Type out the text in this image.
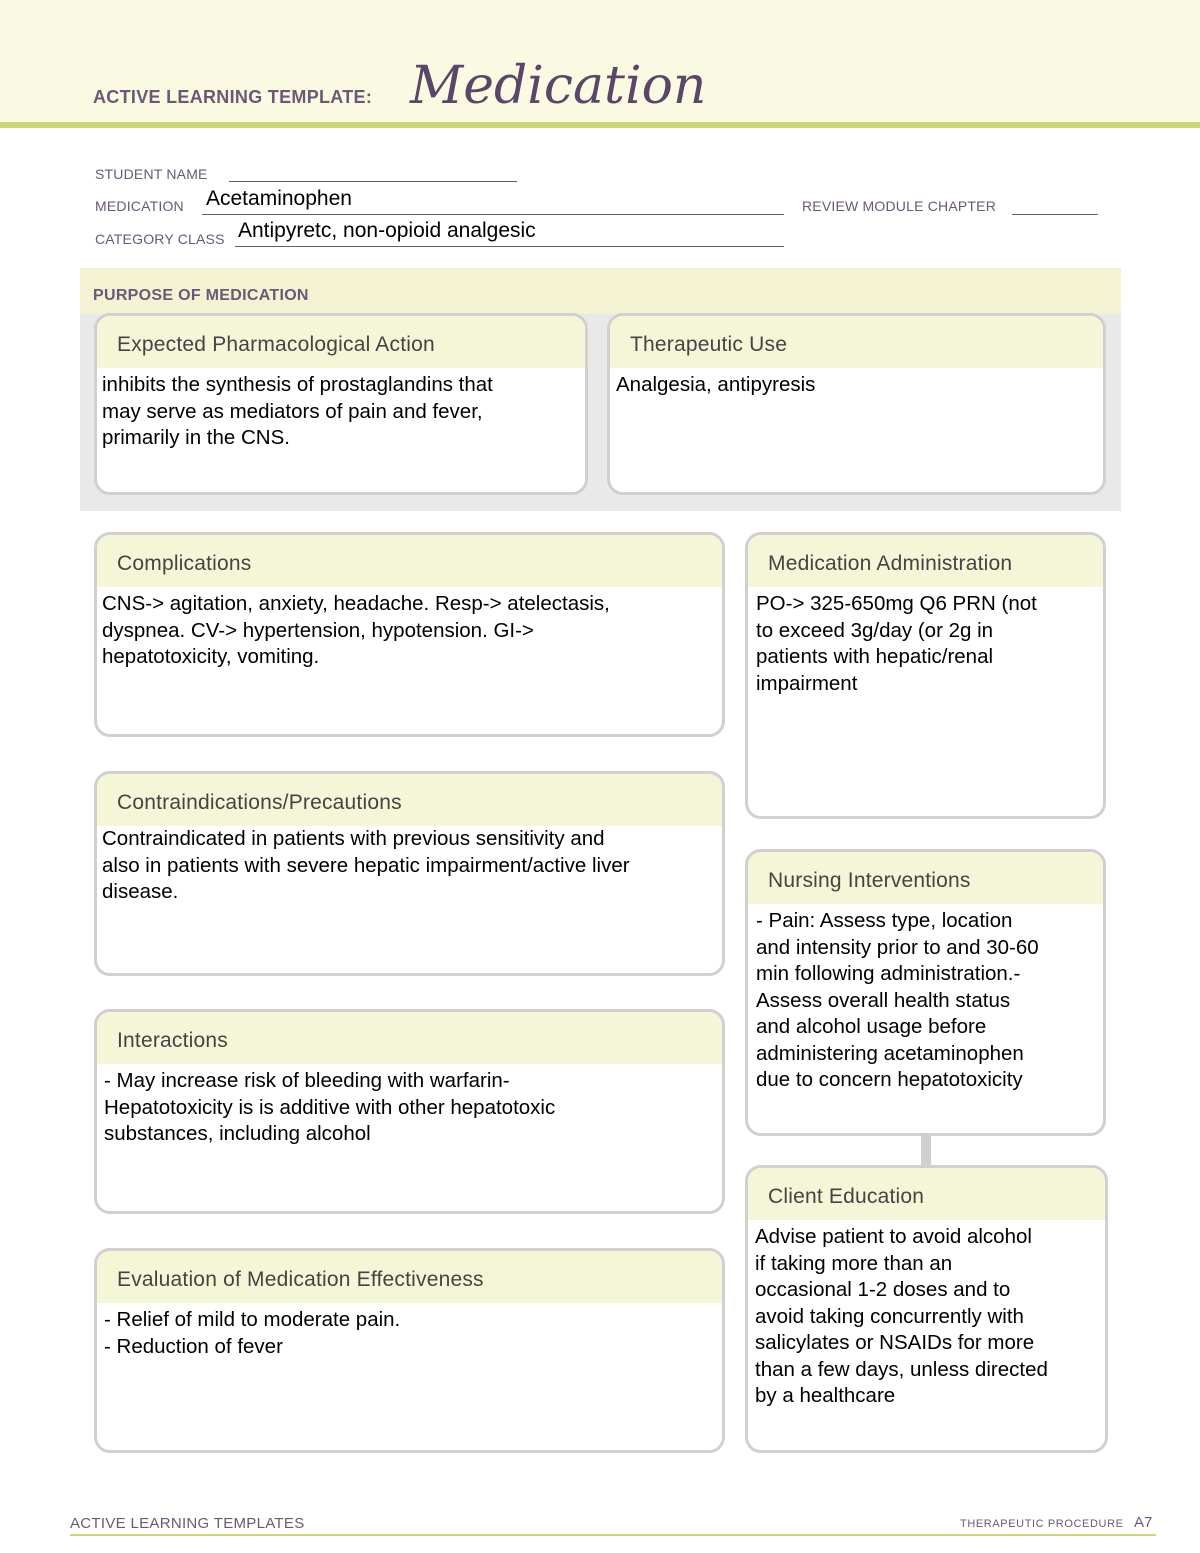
ACTIVE LEARNING TEMPLATE: Medication
STUDENT NAME
MEDICATION Acetaminophen	REVIEW MODULE CHAPTER
CATEGORY CLASS Antipyretc, non-opioid analgesic
PURPOSE OF MEDICATION
Expected Pharmacological Action
inhibits the synthesis of prostaglandins that
may serve as mediators of pain and fever,
primarily in the CNS.
Therapeutic Use
Analgesia, antipyresis
Complications
CNS-> agitation, anxiety, headache. Resp-> atelectasis,
dyspnea. CV-> hypertension, hypotension. GI->
hepatotoxicity, vomiting.
Contraindications/Precautions
Contraindicated in patients with previous sensitivity and
also in patients with severe hepatic impairment/active liver
disease.
Interactions
- May increase risk of bleeding with warfarin-
Hepatotoxicity is is additive with other hepatotoxic
substances, including alcohol
Evaluation of Medication Effectiveness
- Relief of mild to moderate pain.
- Reduction of fever
Medication Administration
PO-> 325-650mg Q6 PRN (not
to exceed 3g/day (or 2g in
patients with hepatic/renal
impairment
Nursing Interventions
- Pain: Assess type, location
and intensity prior to and 30-60
min following administration.-
Assess overall health status
and alcohol usage before
administering acetaminophen
due to concern hepatotoxicity
Client Education
Advise patient to avoid alcohol
if taking more than an
occasional 1-2 doses and to
avoid taking concurrently with
salicylates or NSAIDs for more
than a few days, unless directed
by a healthcare
ACTIVE LEARNING TEMPLATES	THERAPEUTIC PROCEDURE A7
